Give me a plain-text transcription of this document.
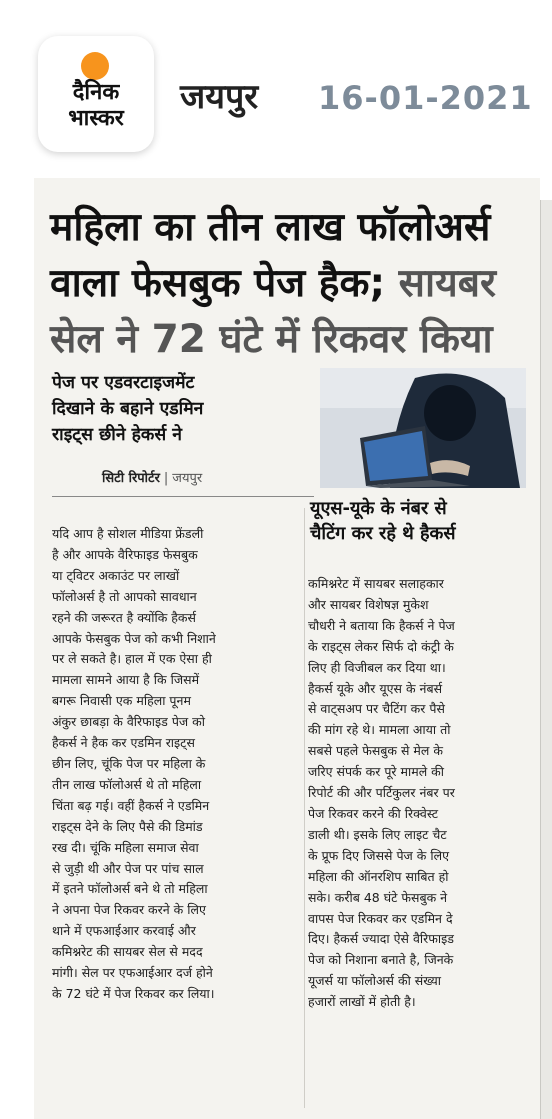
दैनिक
भास्कर
जयपुर 16-01-2021
महिला का तीन लाख फॉलोअर्स
वाला फेसबुक पेज हैक; सायबर
सेल ने 72 घंटे में रिकवर किया
पेज पर एडवरटाइजमेंट
दिखाने के बहाने एडमिन
राइट्स छीने हेकर्स ने
सिटी रिपोर्टर | जयपुर
यूएस-यूके के नंबर से
चैटिंग कर रहे थे हैकर्स
यदि आप है सोशल मीडिया फ्रेंडली
है और आपके वैरिफाइड फेसबुक
या ट्विटर अकाउंट पर लाखों
फॉलोअर्स है तो आपको सावधान
रहने की जरूरत है क्योंकि हैकर्स
आपके फेसबुक पेज को कभी निशाने
पर ले सकते है। हाल में एक ऐसा ही
मामला सामने आया है कि जिसमें
बगरू निवासी एक महिला पूनम
अंकुर छाबड़ा के वैरिफाइड पेज को
हैकर्स ने हैक कर एडमिन राइट्स
छीन लिए, चूंकि पेज पर महिला के
तीन लाख फॉलोअर्स थे तो महिला
चिंता बढ़ गई। वहीं हैकर्स ने एडमिन
राइट्स देने के लिए पैसे की डिमांड
रख दी। चूंकि महिला समाज सेवा
से जुड़ी थी और पेज पर पांच साल
में इतने फॉलोअर्स बने थे तो महिला
ने अपना पेज रिकवर करने के लिए
थाने में एफआईआर करवाई और
कमिश्नरेट की सायबर सेल से मदद
मांगी। सेल पर एफआईआर दर्ज होने
के 72 घंटे में पेज रिकवर कर लिया।
कमिश्नरेट में सायबर सलाहकार
और सायबर विशेषज्ञ मुकेश
चौधरी ने बताया कि हैकर्स ने पेज
के राइट्स लेकर सिर्फ दो कंट्री के
लिए ही विजीबल कर दिया था।
हैकर्स यूके और यूएस के नंबर्स
से वाट्सअप पर चैटिंग कर पैसे
की मांग रहे थे। मामला आया तो
सबसे पहले फेसबुक से मेल के
जरिए संपर्क कर पूरे मामले की
रिपोर्ट की और पर्टिकुलर नंबर पर
पेज रिकवर करने की रिक्वेस्ट
डाली थी। इसके लिए लाइट चैट
के प्रूफ दिए जिससे पेज के लिए
महिला की ऑनरशिप साबित हो
सके। करीब 48 घंटे फेसबुक ने
वापस पेज रिकवर कर एडमिन दे
दिए। हैकर्स ज्यादा ऐसे वैरिफाइड
पेज को निशाना बनाते है, जिनके
यूजर्स या फॉलोअर्स की संख्या
हजारों लाखों में होती है।
